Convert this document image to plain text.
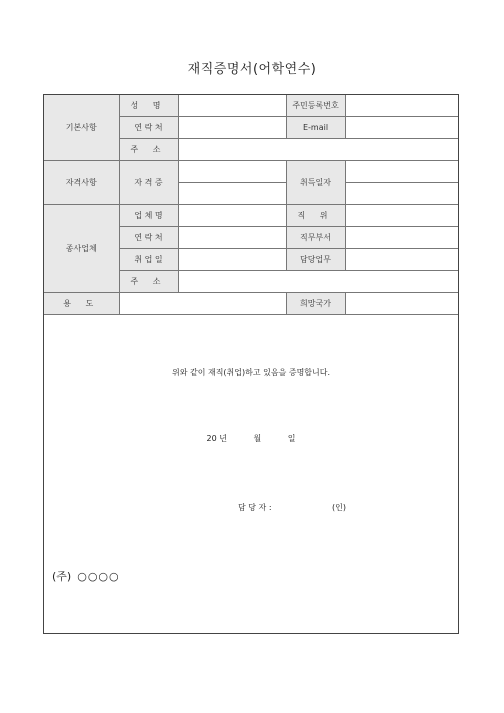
재직증명서(어학연수)
기본사항	성 명		주민등록번호	
	연 락 처		E-mail	
	주 소			
자격사항	자 격 증		취득일자	

종사업체	업 체 명		직 위	
	연 락 처		직무부서	
	취 업 일		담당업무	
	주 소			
용 도			희망국가	
위와 같이 재직(취업)하고 있음을 증명합니다.
20 년	월	일
담 당 자 :	(인)
(주) ○○○○
